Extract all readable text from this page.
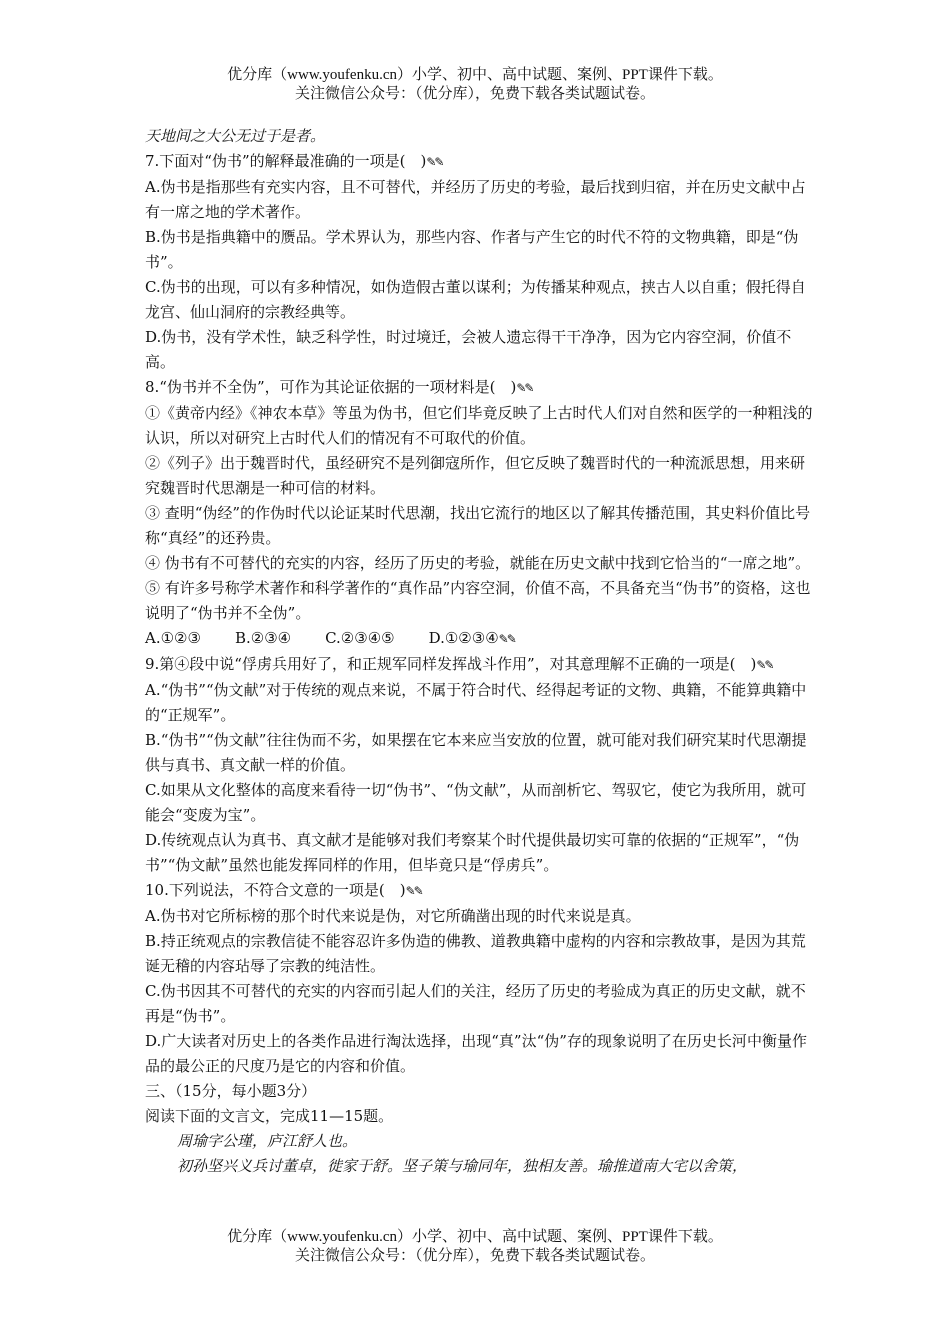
优分库（www.youfenku.cn）小学、初中、高中试题、案例、PPT课件下载。
关注微信公众号：（优分库），免费下载各类试题试卷。

天地间之大公无过于是者。

7.下面对“伪书”的解释最准确的一项是(　)✎✎

A.伪书是指那些有充实内容，且不可替代，并经历了历史的考验，最后找到归宿，并在历史文献中占有一席之地的学术著作。

B.伪书是指典籍中的赝品。学术界认为，那些内容、作者与产生它的时代不符的文物典籍，即是“伪书”。

C.伪书的出现，可以有多种情况，如伪造假古董以谋利；为传播某种观点，挟古人以自重；假托得自龙宫、仙山洞府的宗教经典等。

D.伪书，没有学术性，缺乏科学性，时过境迁，会被人遗忘得干干净净，因为它内容空洞，价值不高。

8.“伪书并不全伪”，可作为其论证依据的一项材料是(　)✎✎

①《黄帝内经》《神农本草》等虽为伪书，但它们毕竟反映了上古时代人们对自然和医学的一种粗浅的认识，所以对研究上古时代人们的情况有不可取代的价值。

②《列子》出于魏晋时代，虽经研究不是列御寇所作，但它反映了魏晋时代的一种流派思想，用来研究魏晋时代思潮是一种可信的材料。

③ 查明“伪经”的作伪时代以论证某时代思潮，找出它流行的地区以了解其传播范围，其史料价值比号称“真经”的还矜贵。

④ 伪书有不可替代的充实的内容，经历了历史的考验，就能在历史文献中找到它恰当的“一席之地”。

⑤ 有许多号称学术著作和科学著作的“真作品”内容空洞，价值不高，不具备充当“伪书”的资格，这也说明了“伪书并不全伪”。

A.①②③ B.②③④ C.②③④⑤ D.①②③④✎✎

9.第④段中说“俘虏兵用好了，和正规军同样发挥战斗作用”，对其意理解不正确的一项是(　)✎✎

A.“伪书”“伪文献”对于传统的观点来说，不属于符合时代、经得起考证的文物、典籍，不能算典籍中的“正规军”。

B.“伪书”“伪文献”往往伪而不劣，如果摆在它本来应当安放的位置，就可能对我们研究某时代思潮提供与真书、真文献一样的价值。

C.如果从文化整体的高度来看待一切“伪书”、“伪文献”，从而剖析它、驾驭它，使它为我所用，就可能会“变废为宝”。

D.传统观点认为真书、真文献才是能够对我们考察某个时代提供最切实可靠的依据的“正规军”，“伪书”“伪文献”虽然也能发挥同样的作用，但毕竟只是“俘虏兵”。

10.下列说法，不符合文意的一项是(　)✎✎

A.伪书对它所标榜的那个时代来说是伪，对它所确凿出现的时代来说是真。

B.持正统观点的宗教信徒不能容忍许多伪造的佛教、道教典籍中虚构的内容和宗教故事，是因为其荒诞无稽的内容玷辱了宗教的纯洁性。

C.伪书因其不可替代的充实的内容而引起人们的关注，经历了历史的考验成为真正的历史文献，就不再是“伪书”。

D.广大读者对历史上的各类作品进行淘汰选择，出现“真”汰“伪”存的现象说明了在历史长河中衡量作品的最公正的尺度乃是它的内容和价值。

三、（15分，每小题3分）

阅读下面的文言文，完成11—15题。

周瑜字公瑾，庐江舒人也。

初孙坚兴义兵讨董卓，徙家于舒。坚子策与瑜同年，独相友善。瑜推道南大宅以舍策，

优分库（www.youfenku.cn）小学、初中、高中试题、案例、PPT课件下载。
关注微信公众号：（优分库），免费下载各类试题试卷。
